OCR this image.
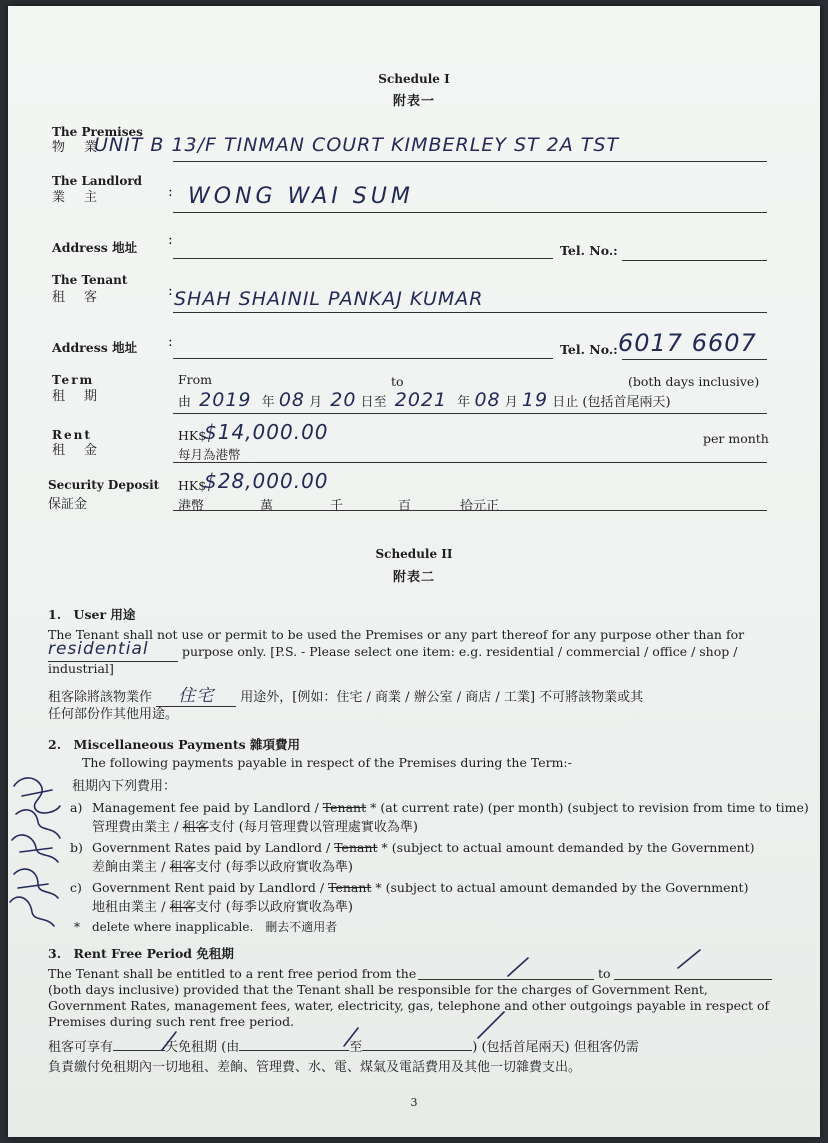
Schedule I
附表一
The Premises
物　業
UNIT B 13/F TINMAN COURT KIMBERLEY ST 2A TST
The Landlord
業　主	: WONG WAI SUM
Address 地址 :
Tel. No.:
The Tenant
租　客	: SHAH SHAINIL PANKAJ KUMAR
Address 地址 :	Tel. No.: 6017 6607
Term
租　期
From	to	(both days inclusive)
由 2019 年 08 月 20 日至 2021 年 08 月 19 日止 (包括首尾兩天)
Rent
租　金
HK$
$14,000.00
每月為港幣
per month
Security Deposit
保証金
HK$
$28,000.00
港幣	萬	千	百	拾元正
Schedule II
附表二
1.　User 用途
The Tenant shall not use or permit to be used the Premises or any part thereof for any purpose other than for
residential	purpose only. [P.S. - Please select one item: e.g. residential / commercial / office / shop /
industrial]
租客除將該物業作 住宅 用途外，[例如：住宅 / 商業 / 辦公室 / 商店 / 工業] 不可將該物業或其
任何部份作其他用途。
2.　Miscellaneous Payments 雜項費用
The following payments payable in respect of the Premises during the Term:-
租期內下列費用：
a) Management fee paid by Landlord / Tenant * (at current rate) (per month) (subject to revision from time to time)
管理費由業主 / 租客支付 (每月管理費以管理處實收為準)
b) Government Rates paid by Landlord / Tenant * (subject to actual amount demanded by the Government)
差餉由業主 / 租客支付 (每季以政府實收為準)
c) Government Rent paid by Landlord / Tenant * (subject to actual amount demanded by the Government)
地租由業主 / 租客支付 (每季以政府實收為準)
*　delete where inapplicable.　刪去不適用者
3.　Rent Free Period 免租期
The Tenant shall be entitled to a rent free period from the	to
(both days inclusive) provided that the Tenant shall be responsible for the charges of Government Rent,
Government Rates, management fees, water, electricity, gas, telephone and other outgoings payable in respect of
Premises during such rent free period.
租客可享有	天免租期 (由	至	) (包括首尾兩天) 但租客仍需
負責繳付免租期內一切地租、差餉、管理費、水、電、煤氣及電話費用及其他一切雜費支出。
3
